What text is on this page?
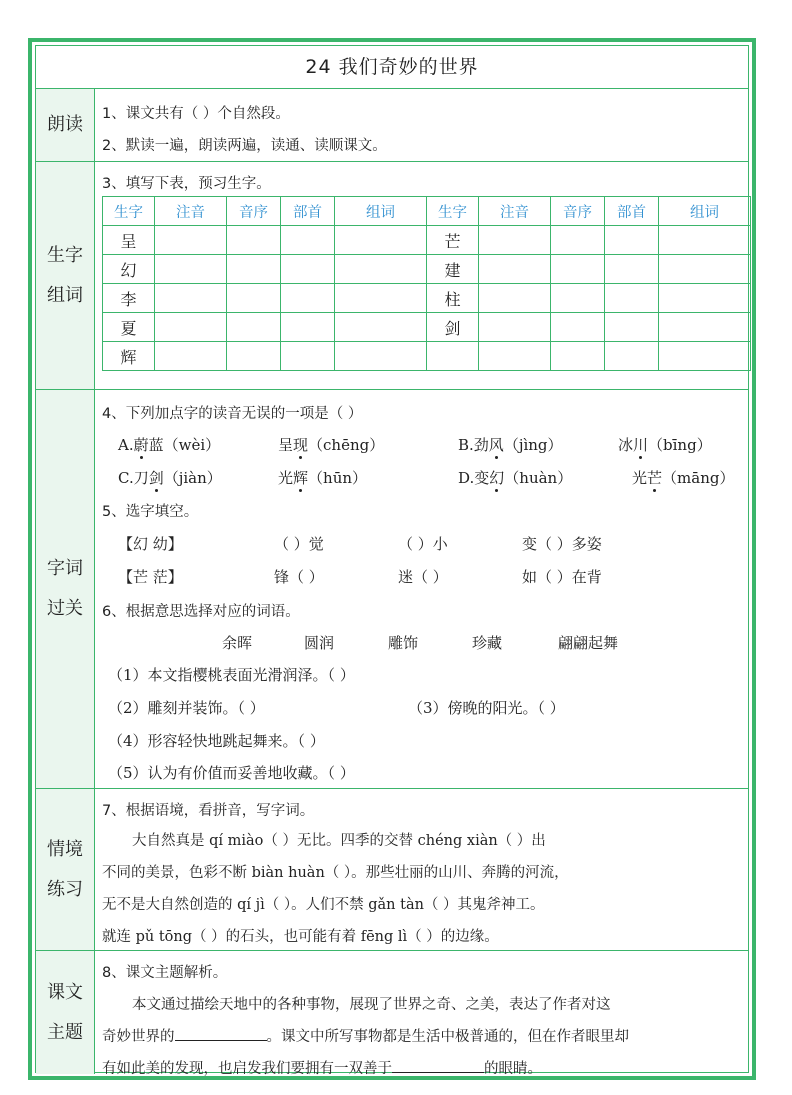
24 我们奇妙的世界
朗读 1、课文共有（ ）个自然段。
2、默读一遍，朗读两遍，读通、读顺课文。
生字
组词
3、填写下表，预习生字。
生字	注音	音序	部首	组词	生字	注音	音序	部首	组词
呈					芒				
幻					建				
李					柱				
夏					剑				
辉									
字词
过关
4、下列加点字的读音无误的一项是（ ）
A.蔚蓝（wèi）	呈现（chēng）	B.劲风（jìng）	冰川（bīng）
C.刀剑（jiàn）	光辉（hūn）	D.变幻（huàn）	光芒（māng）
5、选字填空。
【幻 幼】	（ ）觉	（ ）小	变（ ）多姿
【芒 茫】	锋（ ）	迷（ ）	如（ ）在背
6、根据意思选择对应的词语。
余晖	圆润	雕饰	珍藏	翩翩起舞
（1）本文指樱桃表面光滑润泽。（ ）
（2）雕刻并装饰。（ ）	（3）傍晚的阳光。（ ）
（4）形容轻快地跳起舞来。（ ）
（5）认为有价值而妥善地收藏。（ ）
情境
练习
7、根据语境，看拼音，写字词。
大自然真是 qí miào（ ）无比。四季的交替 chéng xiàn（ ）出
不同的美景，色彩不断 biàn huàn（ ）。那些壮丽的山川、奔腾的河流，
无不是大自然创造的 qí jì（ ）。人们不禁 gǎn tàn（ ）其鬼斧神工。
就连 pǔ tōng（ ）的石头，也可能有着 fēng lì（ ）的边缘。
课文
主题
8、课文主题解析。
本文通过描绘天地中的各种事物，展现了世界之奇、之美，表达了作者对这
奇妙世界的	。课文中所写事物都是生活中极普通的，但在作者眼里却
有如此美的发现，也启发我们要拥有一双善于	的眼睛。
